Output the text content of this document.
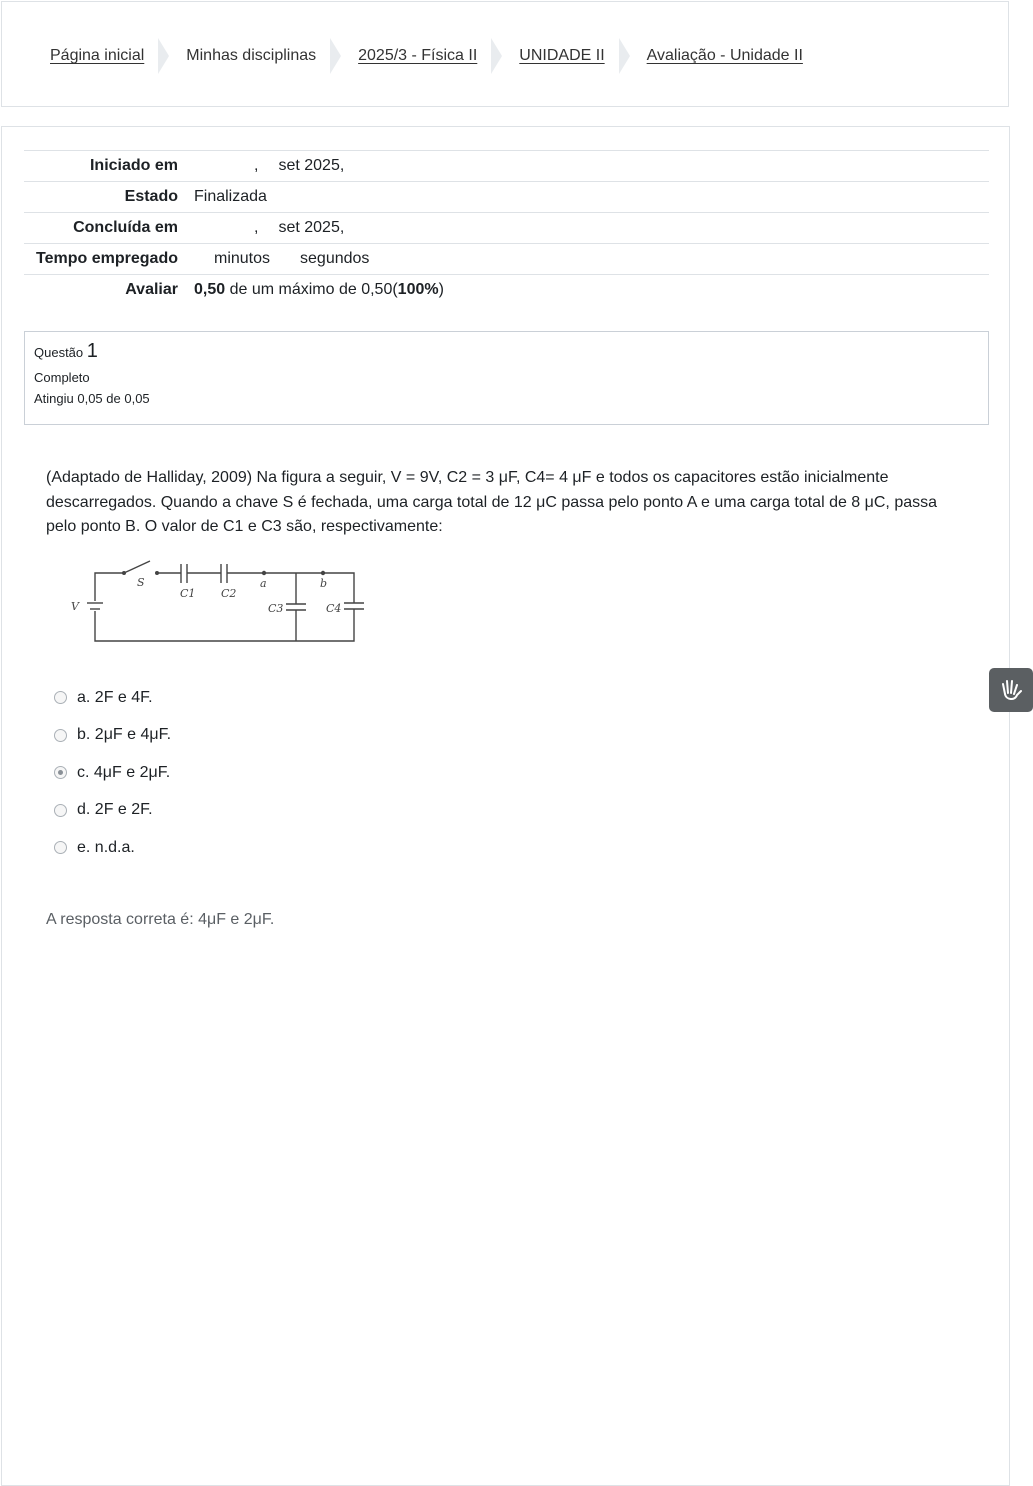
Página inicial	Minhas disciplinas	2025/3 - Física II	UNIDADE II	Avaliação - Unidade II
Iniciado em	, set 2025,
Estado	Finalizada
Concluída em	, set 2025,
Tempo empregado	minutos segundos
Avaliar	0,50 de um máximo de 0,50(100%)
Questão 1
Completo
Atingiu 0,05 de 0,05
(Adaptado de Halliday, 2009) Na figura a seguir, V = 9V, C2 = 3 μF, C4= 4 μF e todos os capacitores estão inicialmente descarregados. Quando a chave S é fechada, uma carga total de 12 μC passa pelo ponto A e uma carga total de 8 μC, passa pelo ponto B. O valor de C1 e C3 são, respectivamente:
S
C1 C2
a	b
V	C3	C4
a. 2F e 4F.
b. 2μF e 4μF.
c. 4μF e 2μF.
d. 2F e 2F.
e. n.d.a.
A resposta correta é: 4μF e 2μF.
